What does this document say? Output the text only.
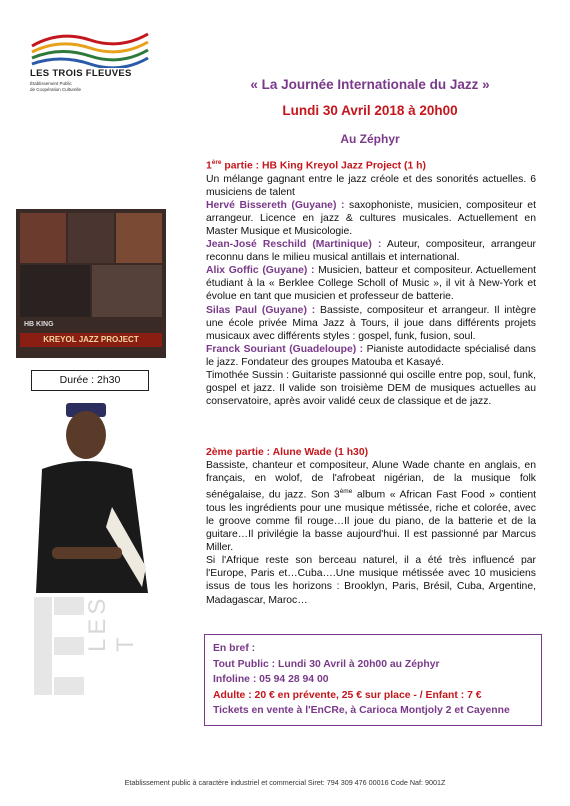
LES TROIS FLEUVES
Établissement Public
de Coopération Culturelle	« La Journée Internationale du Jazz »
Lundi 30 Avril 2018 à 20h00
Au Zéphyr
HB KING
KREYOL JAZZ PROJECT
Durée : 2h30
LES T
1ère partie : HB King Kreyol Jazz Project (1 h)
Un mélange gagnant entre le jazz créole et des sonorités actuelles. 6 musiciens de talent
Hervé Bissereth (Guyane) : saxophoniste, musicien, compositeur et arrangeur. Licence en jazz & cultures musicales. Actuellement en Master Musique et Musicologie.
Jean-José Reschild (Martinique) : Auteur, compositeur, arrangeur reconnu dans le milieu musical antillais et international.
Alix Goffic (Guyane) : Musicien, batteur et compositeur. Actuellement étudiant à la « Berklee College Scholl of Music », il vit à New-York et évolue en tant que musicien et professeur de batterie.
Silas Paul (Guyane) : Bassiste, compositeur et arrangeur. Il intègre une école privée Mima Jazz à Tours, il joue dans différents projets musicaux avec différents styles : gospel, funk, fusion, soul.
Franck Souriant (Guadeloupe) : Pianiste autodidacte spécialisé dans le jazz. Fondateur des groupes Matouba et Kasayé.
Timothée Sussin : Guitariste passionné qui oscille entre pop, soul, funk, gospel et jazz. Il valide son troisième DEM de musiques actuelles au conservatoire, après avoir validé ceux de classique et de jazz.
2ème partie : Alune Wade (1 h30)
Bassiste, chanteur et compositeur, Alune Wade chante en anglais, en français, en wolof, de l'afrobeat nigérian, de la musique folk sénégalaise, du jazz. Son 3ème album « African Fast Food » contient tous les ingrédients pour une musique métissée, riche et colorée, avec le groove comme fil rouge…Il joue du piano, de la batterie et de la guitare…Il privilégie la basse aujourd'hui. Il est passionné par Marcus Miller.
Si l'Afrique reste son berceau naturel, il a été très influencé par l'Europe, Paris et…Cuba….Une musique métissée avec 10 musiciens issus de tous les horizons : Brooklyn, Paris, Brésil, Cuba, Argentine, Madagascar, Maroc…
En bref :
Tout Public : Lundi 30 Avril à 20h00 au Zéphyr
Infoline : 05 94 28 94 00
Adulte : 20 € en prévente, 25 € sur place - / Enfant : 7 €
Tickets en vente à l'EnCRe, à Carioca Montjoly 2 et Cayenne
Etablissement public à caractère industriel et commercial Siret: 794 309 476 00016 Code Naf: 9001Z
